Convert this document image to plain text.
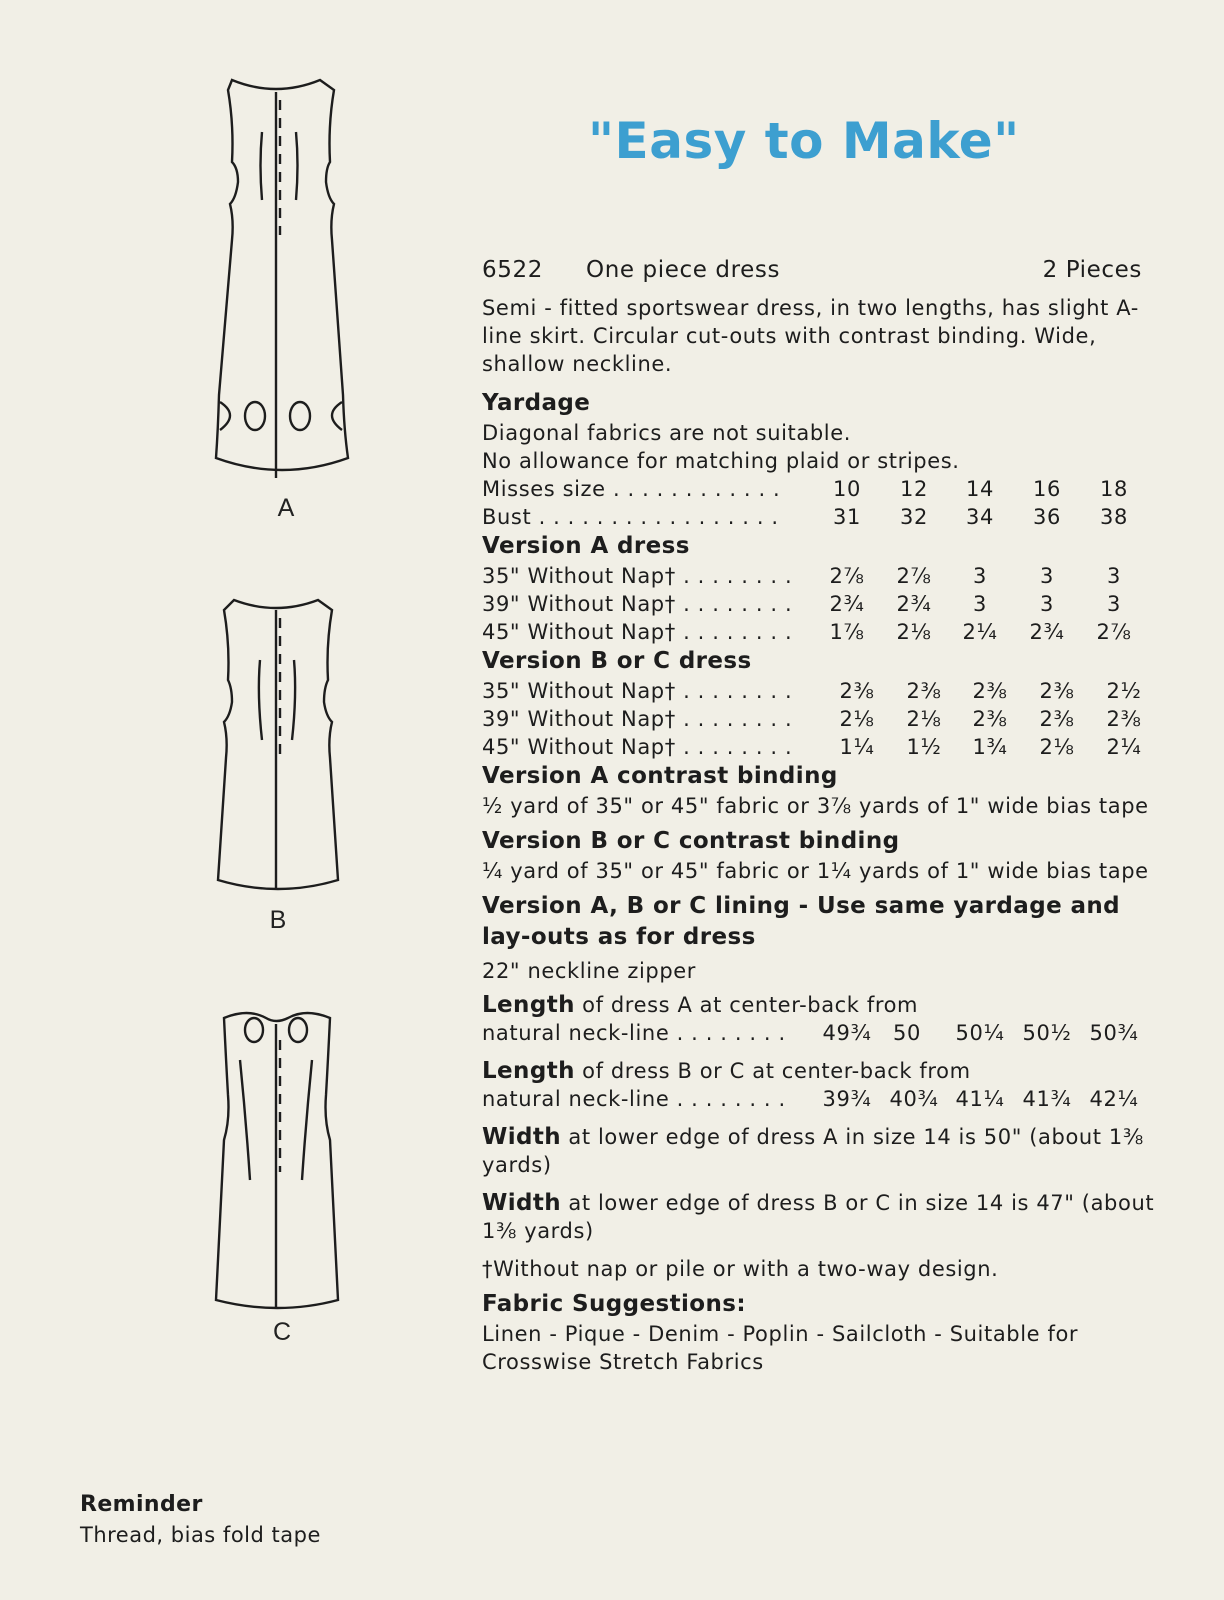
"Easy to Make"
A
B
C
6522 One piece dress	2 Pieces
Semi - fitted sportswear dress, in two lengths, has slight A-line skirt. Circular cut-outs with contrast binding. Wide, shallow neckline.
Yardage
Diagonal fabrics are not suitable.
No allowance for matching plaid or stripes.
Misses size . . . . . . . . . . . .	10	12	14	16	18
Bust . . . . . . . . . . . . . . . . .	31	32	34	36	38
Version A dress
35" Without Nap† . . . . . . . .	2⅞	2⅞	3	3	3
39" Without Nap† . . . . . . . .	2¾	2¾	3	3	3
45" Without Nap† . . . . . . . .	1⅞	2⅛	2¼	2¾	2⅞
Version B or C dress
35" Without Nap† . . . . . . . .	2⅜	2⅜	2⅜	2⅜	2½
39" Without Nap† . . . . . . . .	2⅛	2⅛	2⅜	2⅜	2⅜
45" Without Nap† . . . . . . . .	1¼	1½	1¾	2⅛	2¼
Version A contrast binding
½ yard of 35" or 45" fabric or 3⅞ yards of 1" wide bias tape
Version B or C contrast binding
¼ yard of 35" or 45" fabric or 1¼ yards of 1" wide bias tape
Version A, B or C lining - Use same yardage and lay-outs as for dress
22" neckline zipper
Length of dress A at center-back from
natural neck-line . . . . . . . . 49¾	50	50¼ 50½ 50¾
Length of dress B or C at center-back from
natural neck-line . . . . . . . . 39¾ 40¾ 41¼ 41¾ 42¼
Width at lower edge of dress A in size 14 is 50" (about 1⅜ yards)
Width at lower edge of dress B or C in size 14 is 47" (about 1⅜ yards)
†Without nap or pile or with a two-way design.
Fabric Suggestions:
Linen - Pique - Denim - Poplin - Sailcloth - Suitable for Crosswise Stretch Fabrics
Reminder
Thread, bias fold tape
